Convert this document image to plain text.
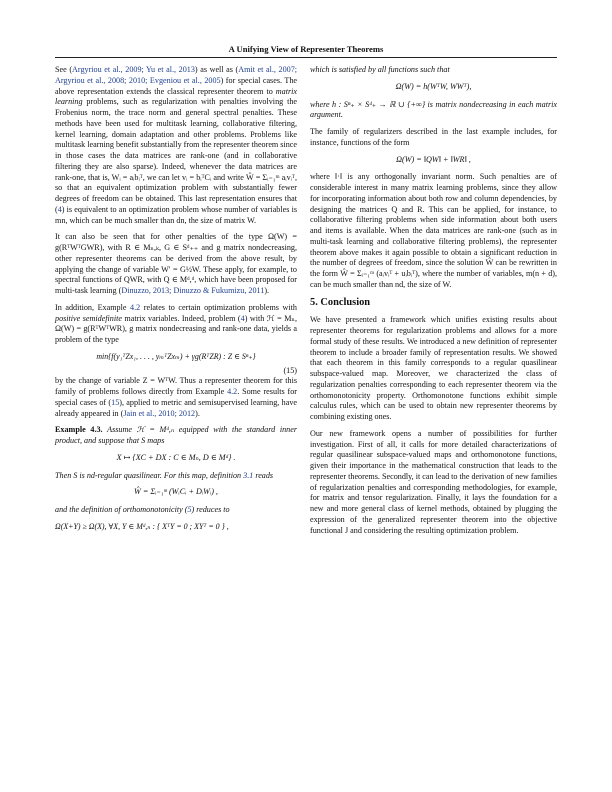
A Unifying View of Representer Theorems

See (Argyriou et al., 2009; Yu et al., 2013) as well as (Amit et al., 2007; Argyriou et al., 2008; 2010; Evgeniou et al., 2005) for special cases. The above representation extends the classical representer theorem to matrix learning problems, such as regularization with penalties involving the Frobenius norm, the trace norm and general spectral penalties. These methods have been used for multitask learning, collaborative filtering, kernel learning, domain adaptation and other problems. Problems like multitask learning benefit substantially from the representer theorem since in those cases the data matrices are rank-one (and in collaborative filtering they are also sparse). Indeed, whenever the data matrices are rank-one, that is, Wᵢ = aᵢbᵢᵀ, we can let vᵢ = bᵢᵀCᵢ and write Ŵ = Σᵢ₌₁ᵐ aᵢvᵢᵀ, so that an equivalent optimization problem with substantially fewer degrees of freedom can be obtained. This last representation ensures that (4) is equivalent to an optimization problem whose number of variables is mn, which can be much smaller than dn, the size of matrix W.

It can also be seen that for other penalties of the type Ω(W) = g(RᵀWᵀGWR), with R ∈ Mₙ,ₖ, G ∈ Sᵈ₊₊ and g matrix nondecreasing, other representer theorems can be derived from the above result, by applying the change of variable W′ = G½W. These apply, for example, to spectral functions of QWR, with Q ∈ Mᵈ,ᵈ, which have been proposed for multi-task learning (Dinuzzo, 2013; Dinuzzo & Fukumizu, 2011).

In addition, Example 4.2 relates to certain optimization problems with positive semidefinite matrix variables. Indeed, problem (4) with ℋ = Mₙ, Ω(W) = g(RᵀWᵀWR), g matrix nondecreasing and rank-one data, yields a problem of the type

min{f(y₁ᵀZx₁, . . . , yₘᵀZxₘ) + γg(RᵀZR) : Z ∈ Sⁿ₊}
(15)

by the change of variable Z = WᵀW. Thus a representer theorem for this family of problems follows directly from Example 4.2. Some results for special cases of (15), applied to metric and semisupervised learning, have already appeared in (Jain et al., 2010; 2012).

Example 4.3. Assume ℋ = Mᵈ,ₙ equipped with the standard inner product, and suppose that S maps

X ↦ {XC + DX : C ∈ Mₙ, D ∈ Mᵈ} .

Then S is nd-regular quasilinear. For this map, definition 3.1 reads

Ŵ = Σᵢ₌₁ᵐ (WᵢCᵢ + DᵢWᵢ) ,

and the definition of orthomonotonicity (5) reduces to

Ω(X+Y) ≥ Ω(X), ∀X, Y ∈ Mᵈ,ₙ : { XᵀY = 0 ; XYᵀ = 0 } ,

which is satisfied by all functions such that

Ω(W) = h(WᵀW, WWᵀ),

where h : Sⁿ₊ × Sᵈ₊ → ℝ ∪ {+∞} is matrix nondecreasing in each matrix argument.

The family of regularizers described in the last example includes, for instance, functions of the form

Ω(W) = ‖QW‖ + ‖WR‖ ,

where ‖·‖ is any orthogonally invariant norm. Such penalties are of considerable interest in many matrix learning problems, since they allow for incorporating information about both row and column dependencies, by designing the matrices Q and R. This can be applied, for instance, to collaborative filtering problems when side information about both users and items is available. When the data matrices are rank-one (such as in multi-task learning and collaborative filtering problems), the representer theorem above makes it again possible to obtain a significant reduction in the number of degrees of freedom, since the solution Ŵ can be rewritten in the form Ŵ = Σᵢ₌₁ᵐ (aᵢvᵢᵀ + uᵢbᵢᵀ), where the number of variables, m(n + d), can be much smaller than nd, the size of W.

5. Conclusion

We have presented a framework which unifies existing results about representer theorems for regularization problems and allows for a more formal study of these results. We introduced a new definition of representer theorem to include a broader family of representation results. We showed that each theorem in this family corresponds to a regular quasilinear subspace-valued map. Moreover, we characterized the class of regularization penalties corresponding to each representer theorem via the orthomonotonicity property. Orthomonotone functions exhibit simple calculus rules, which can be used to obtain new representer theorems by combining existing ones.

Our new framework opens a number of possibilities for further investigation. First of all, it calls for more detailed characterizations of regular quasilinear subspace-valued maps and orthomonotone functions, given their importance in the mathematical construction that leads to the representer theorems. Secondly, it can lead to the derivation of new families of regularization penalties and corresponding methodologies, for example, for matrix and tensor regularization. Finally, it lays the foundation for a new and more general class of kernel methods, obtained by plugging the expression of the generalized representer theorem into the objective functional J and considering the resulting optimization problem.
